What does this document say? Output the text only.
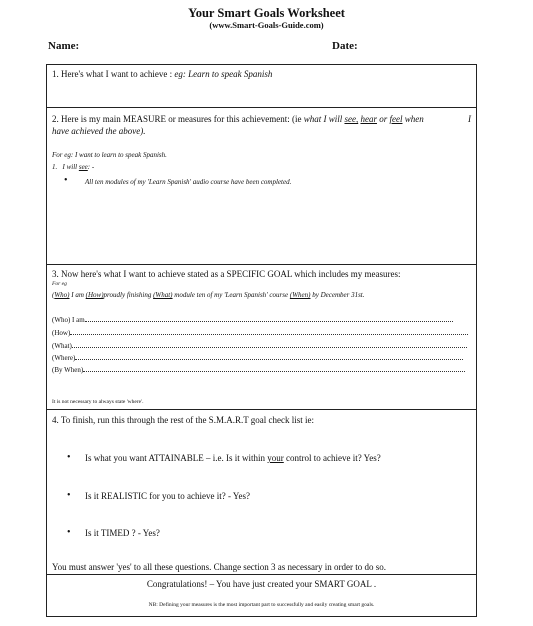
Your Smart Goals Worksheet
(www.Smart-Goals-Guide.com)
Name:	Date:
1. Here's what I want to achieve : eg: Learn to speak Spanish
2. Here is my main MEASURE or measures for this achievement: (ie what I will see, hear or feel when	I
have achieved the above).
For eg: I want to learn to speak Spanish.
1. I will see: -
• All ten modules of my 'Learn Spanish' audio course have been completed.
3. Now here's what I want to achieve stated as a SPECIFIC GOAL which includes my measures:
For eg
(Who) I am (How)proudly finishing (What) module ten of my 'Learn Spanish' course (When) by December 31st.
(Who) I am
(How)
(What)
(Where)
(By When)
It is not necessary to always state 'where'.
4. To finish, run this through the rest of the S.M.A.R.T goal check list ie:
• Is what you want ATTAINABLE – i.e. Is it within your control to achieve it? Yes?
• Is it REALISTIC for you to achieve it? - Yes?
• Is it TIMED ? - Yes?
You must answer 'yes' to all these questions. Change section 3 as necessary in order to do so.
Congratulations! – You have just created your SMART GOAL .
NB: Defining your measures is the most important part to successfully and easily creating smart goals.
